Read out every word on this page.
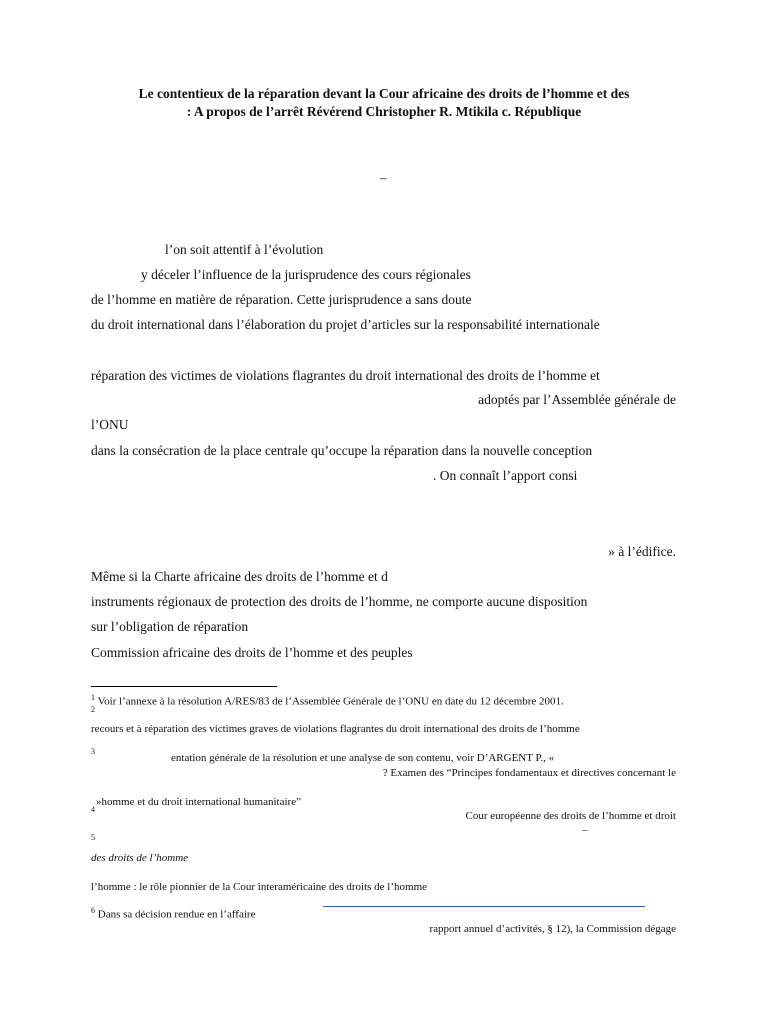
Le contentieux de la réparation devant la Cour africaine des droits de l’homme et des
: A propos de l’arrêt Révérend Christopher R. Mtikila c. République
–
l’on soit attentif à l’évolution
y déceler l’influence de la jurisprudence des cours régionales
de l’homme en matière de réparation. Cette jurisprudence a sans doute
du droit international dans l’élaboration du projet d’articles sur la responsabilité internationale
réparation des victimes de violations flagrantes du droit international des droits de l’homme et
adoptés par l’Assemblée générale de
l’ONU
dans la consécration de la place centrale qu’occupe la réparation dans la nouvelle conception
. On connaît l’apport consi
» à l’édifice.
Même si la Charte africaine des droits de l’homme et d
instruments régionaux de protection des droits de l’homme, ne comporte aucune disposition
sur l’obligation de réparation
Commission africaine des droits de l’homme et des peuples
$^1$ Voir l’annexe à la résolution A/RES/83 de l’Assemblée Générale de l’ONU en date du 12 décembre 2001.
$^2$
recours et à réparation des victimes graves de violations flagrantes du droit international des droits de l’homme
$^3$
entation générale de la résolution et une analyse de son contenu, voir D’ARGENT P., «
? Examen des “Principes fondamentaux et directives concernant le
»homme et du droit international humanitaire”
$^4$
Cour européenne des droits de l’homme et droit
–
$^5$
des droits de l’homme
l’homme : le rôle pionnier de la Cour interaméricaine des droits de l’homme
$^6$ Dans sa décision rendue en l’affaire
rapport annuel d’activités, § 12), la Commission dégage
